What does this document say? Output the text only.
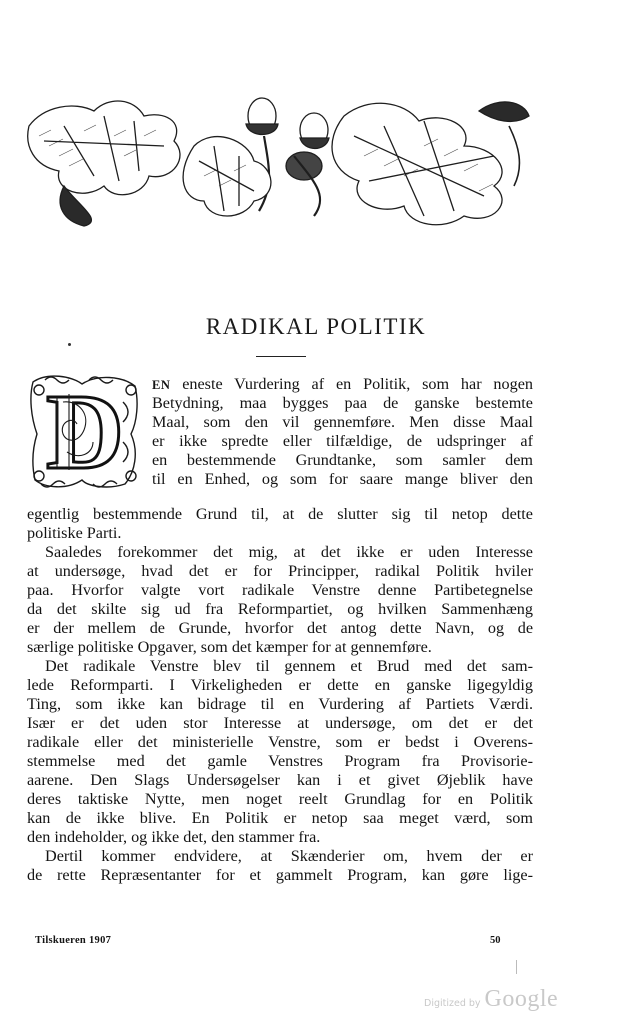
RADIKAL POLITIK
D EN eneste Vurdering af en Politik, som har nogen
Betydning, maa bygges paa de ganske bestemte
Maal, som den vil gennemføre. Men disse Maal
er ikke spredte eller tilfældige, de udspringer af
en bestemmende Grundtanke, som samler dem
til en Enhed, og som for saare mange bliver den
egentlig bestemmende Grund til, at de slutter sig til netop dette
politiske Parti.
Saaledes forekommer det mig, at det ikke er uden Interesse
at undersøge, hvad det er for Principper, radikal Politik hviler
paa. Hvorfor valgte vort radikale Venstre denne Partibetegnelse
da det skilte sig ud fra Reformpartiet, og hvilken Sammenhæng
er der mellem de Grunde, hvorfor det antog dette Navn, og de
særlige politiske Opgaver, som det kæmper for at gennemføre.
Det radikale Venstre blev til gennem et Brud med det sam-
lede Reformparti. I Virkeligheden er dette en ganske ligegyldig
Ting, som ikke kan bidrage til en Vurdering af Partiets Værdi.
Især er det uden stor Interesse at undersøge, om det er det
radikale eller det ministerielle Venstre, som er bedst i Overens-
stemmelse med det gamle Venstres Program fra Provisorie-
aarene. Den Slags Undersøgelser kan i et givet Øjeblik have
deres taktiske Nytte, men noget reelt Grundlag for en Politik
kan de ikke blive. En Politik er netop saa meget værd, som
den indeholder, og ikke det, den stammer fra.
Dertil kommer endvidere, at Skænderier om, hvem der er
de rette Repræsentanter for et gammelt Program, kan gøre lige-
Tilskueren 1907	50
Digitized by Google
